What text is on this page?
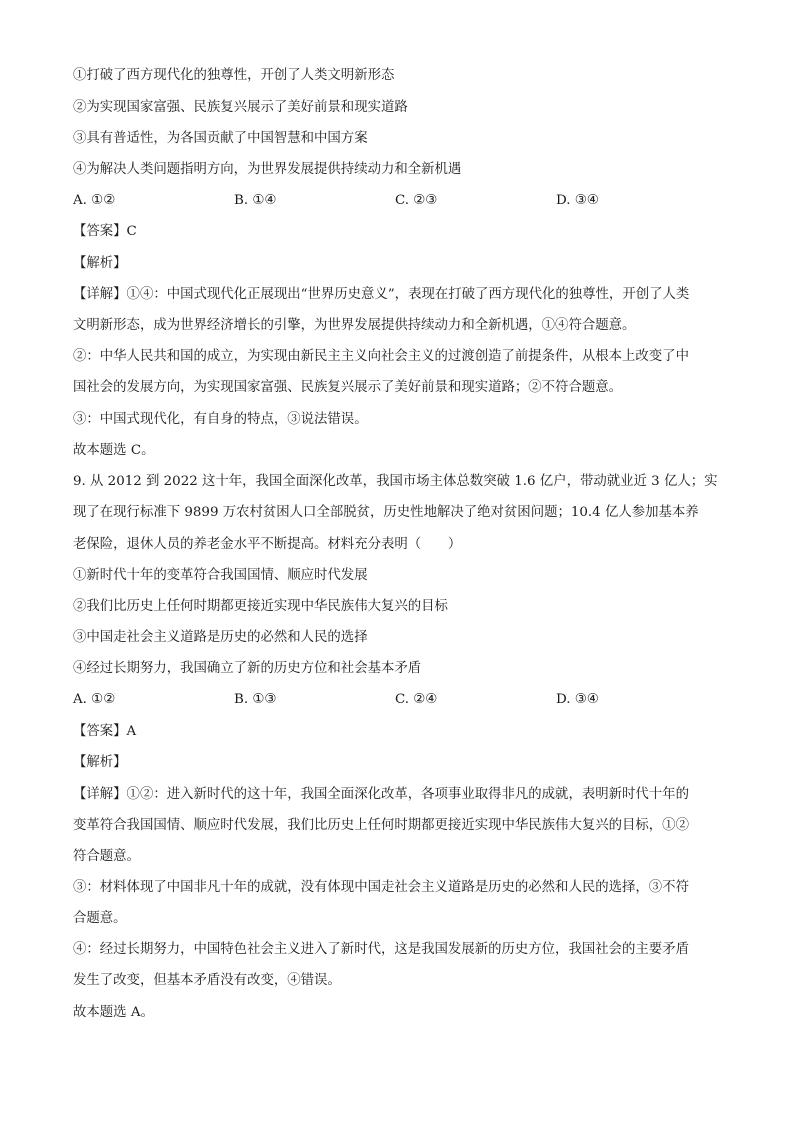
①打破了西方现代化的独尊性，开创了人类文明新形态
②为实现国家富强、民族复兴展示了美好前景和现实道路
③具有普适性，为各国贡献了中国智慧和中国方案
④为解决人类问题指明方向，为世界发展提供持续动力和全新机遇
A. ①②	B. ①④	C. ②③	D. ③④
【答案】C
【解析】
【详解】①④：中国式现代化正展现出“世界历史意义”，表现在打破了西方现代化的独尊性，开创了人类
文明新形态，成为世界经济增长的引擎，为世界发展提供持续动力和全新机遇，①④符合题意。
②：中华人民共和国的成立，为实现由新民主主义向社会主义的过渡创造了前提条件，从根本上改变了中
国社会的发展方向，为实现国家富强、民族复兴展示了美好前景和现实道路；②不符合题意。
③：中国式现代化，有自身的特点，③说法错误。
故本题选 C。
9. 从 2012 到 2022 这十年，我国全面深化改革，我国市场主体总数突破 1.6 亿户，带动就业近 3 亿人；实
现了在现行标准下 9899 万农村贫困人口全部脱贫，历史性地解决了绝对贫困问题；10.4 亿人参加基本养
老保险，退休人员的养老金水平不断提高。材料充分表明（　　）
①新时代十年的变革符合我国国情、顺应时代发展
②我们比历史上任何时期都更接近实现中华民族伟大复兴的目标
③中国走社会主义道路是历史的必然和人民的选择
④经过长期努力，我国确立了新的历史方位和社会基本矛盾
A. ①②	B. ①③	C. ②④	D. ③④
【答案】A
【解析】
【详解】①②：进入新时代的这十年，我国全面深化改革，各项事业取得非凡的成就，表明新时代十年的
变革符合我国国情、顺应时代发展，我们比历史上任何时期都更接近实现中华民族伟大复兴的目标，①②
符合题意。
③：材料体现了中国非凡十年的成就，没有体现中国走社会主义道路是历史的必然和人民的选择，③不符
合题意。
④：经过长期努力，中国特色社会主义进入了新时代，这是我国发展新的历史方位，我国社会的主要矛盾
发生了改变，但基本矛盾没有改变，④错误。
故本题选 A。
